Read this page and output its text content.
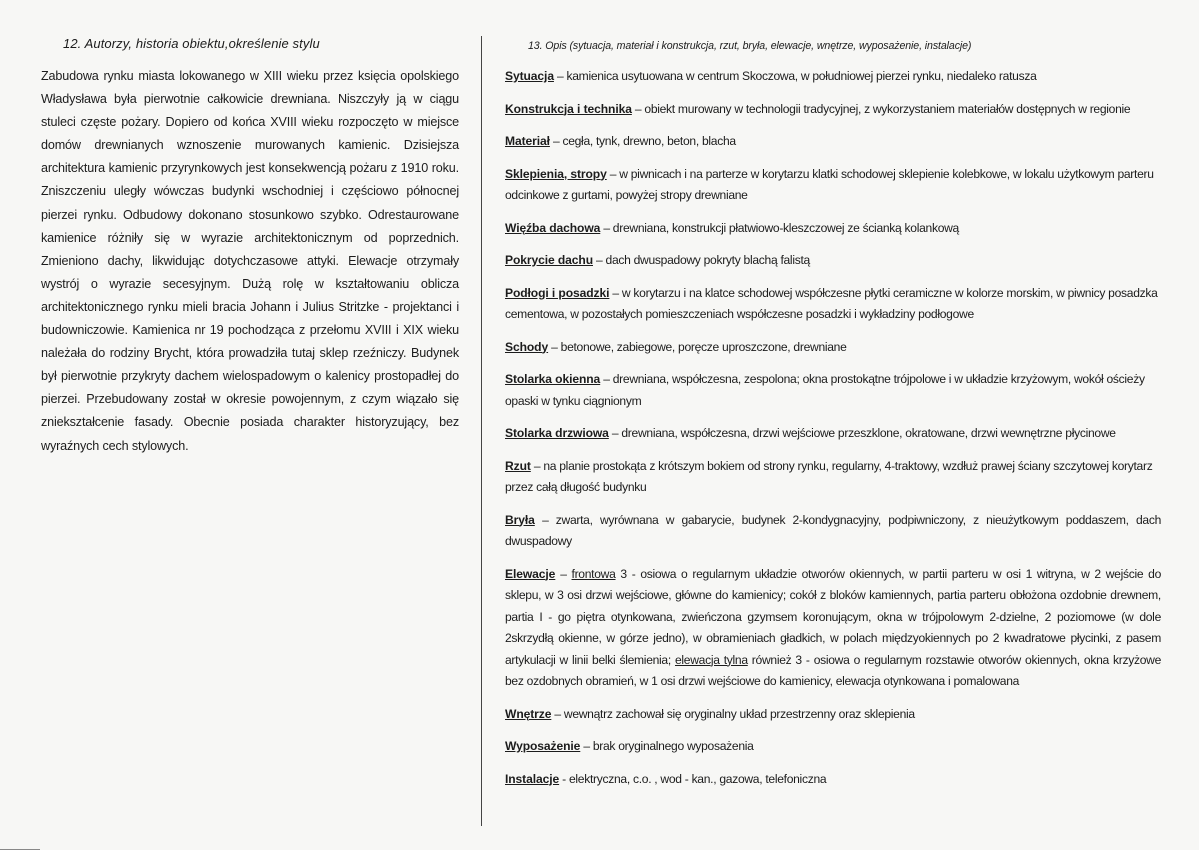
12. Autorzy, historia obiektu,określenie stylu

Zabudowa rynku miasta lokowanego w XIII wieku przez księcia opolskiego Władysława była pierwotnie całkowicie drewniana. Niszczyły ją w ciągu stuleci częste pożary. Dopiero od końca XVIII wieku rozpoczęto w miejsce domów drewnianych wznoszenie murowanych kamienic. Dzisiejsza architektura kamienic przyrynkowych jest konsekwencją pożaru z 1910 roku. Zniszczeniu uległy wówczas budynki wschodniej i częściowo północnej pierzei rynku. Odbudowy dokonano stosunkowo szybko. Odrestaurowane kamienice różniły się w wyrazie architektonicznym od poprzednich. Zmieniono dachy, likwidując dotychczasowe attyki. Elewacje otrzymały wystrój o wyrazie secesyjnym. Dużą rolę w kształtowaniu oblicza architektonicznego rynku mieli bracia Johann i Julius Stritzke - projektanci i budowniczowie. Kamienica nr 19 pochodząca z przełomu XVIII i XIX wieku należała do rodziny Brycht, która prowadziła tutaj sklep rzeźniczy. Budynek był pierwotnie przykryty dachem wielospadowym o kalenicy prostopadłej do pierzei. Przebudowany został w okresie powojennym, z czym wiązało się zniekształcenie fasady. Obecnie posiada charakter historyzujący, bez wyraźnych cech stylowych.

13. Opis (sytuacja, materiał i konstrukcja, rzut, bryła, elewacje, wnętrze, wyposażenie, instalacje)

Sytuacja – kamienica usytuowana w centrum Skoczowa, w południowej pierzei rynku, niedaleko ratusza

Konstrukcja i technika – obiekt murowany w technologii tradycyjnej, z wykorzystaniem materiałów dostępnych w regionie

Materiał – cegła, tynk, drewno, beton, blacha

Sklepienia, stropy – w piwnicach i na parterze w korytarzu klatki schodowej sklepienie kolebkowe, w lokalu użytkowym parteru odcinkowe z gurtami, powyżej stropy drewniane

Więźba dachowa – drewniana, konstrukcji płatwiowo-kleszczowej ze ścianką kolankową

Pokrycie dachu – dach dwuspadowy pokryty blachą falistą

Podłogi i posadzki – w korytarzu i na klatce schodowej współczesne płytki ceramiczne w kolorze morskim, w piwnicy posadzka cementowa, w pozostałych pomieszczeniach współczesne posadzki i wykładziny podłogowe

Schody – betonowe, zabiegowe, poręcze uproszczone, drewniane

Stolarka okienna – drewniana, współczesna, zespolona; okna prostokątne trójpolowe i w układzie krzyżowym, wokół ościeży opaski w tynku ciągnionym

Stolarka drzwiowa – drewniana, współczesna, drzwi wejściowe przeszklone, okratowane, drzwi wewnętrzne płycinowe

Rzut – na planie prostokąta z krótszym bokiem od strony rynku, regularny, 4-traktowy, wzdłuż prawej ściany szczytowej korytarz przez całą długość budynku

Bryła – zwarta, wyrównana w gabarycie, budynek 2-kondygnacyjny, podpiwniczony, z nieużytkowym poddaszem, dach dwuspadowy

Elewacje – frontowa 3 - osiowa o regularnym układzie otworów okiennych, w partii parteru w osi 1 witryna, w 2 wejście do sklepu, w 3 osi drzwi wejściowe, główne do kamienicy; cokół z bloków kamiennych, partia parteru obłożona ozdobnie drewnem, partia I - go piętra otynkowana, zwieńczona gzymsem koronującym, okna w trójpolowym 2-dzielne, 2 poziomowe (w dole 2skrzydłą okienne, w górze jedno), w obramieniach gładkich, w polach międzyokiennych po 2 kwadratowe płycinki, z pasem artykulacji w linii belki ślemienia; elewacja tylna również 3 - osiowa o regularnym rozstawie otworów okiennych, okna krzyżowe bez ozdobnych obramień, w 1 osi drzwi wejściowe do kamienicy, elewacja otynkowana i pomalowana

Wnętrze – wewnątrz zachował się oryginalny układ przestrzenny oraz sklepienia

Wyposażenie – brak oryginalnego wyposażenia

Instalacje - elektryczna, c.o. , wod - kan., gazowa, telefoniczna
